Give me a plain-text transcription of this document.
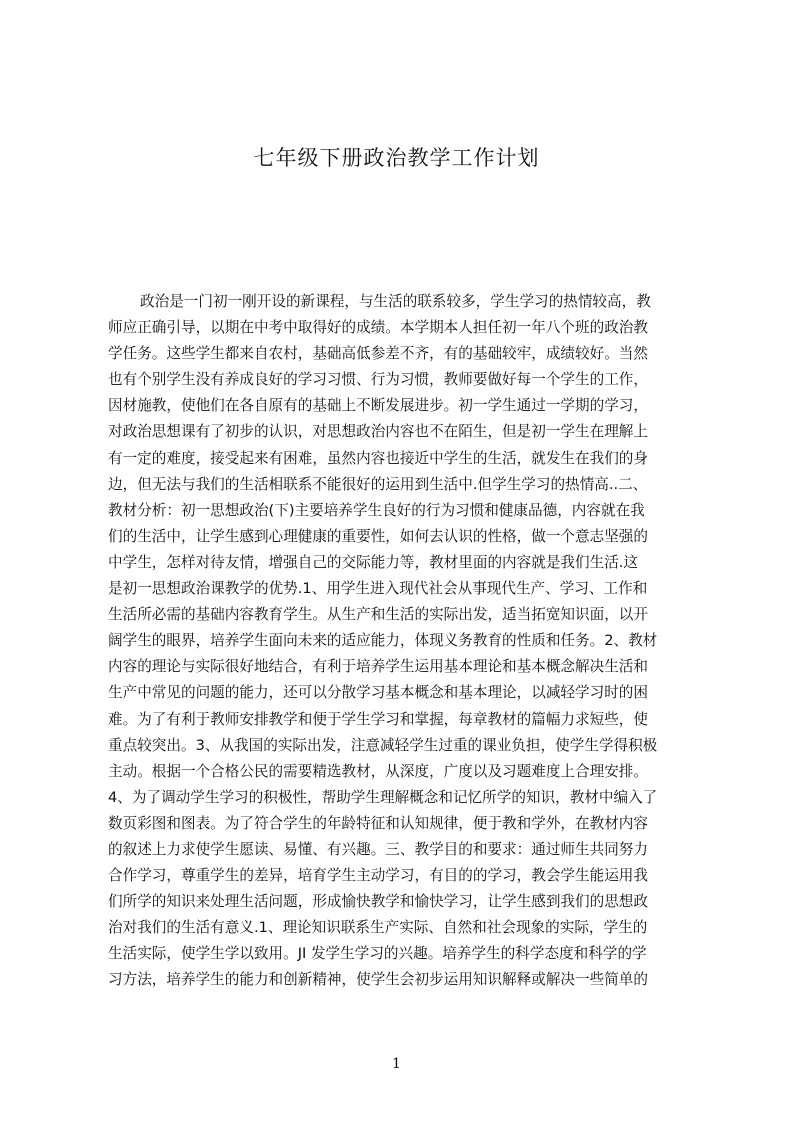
七年级下册政治教学工作计划
政治是一门初一刚开设的新课程，与生活的联系较多，学生学习的热情较高，教
师应正确引导，以期在中考中取得好的成绩。本学期本人担任初一年八个班的政治教
学任务。这些学生都来自农村，基础高低参差不齐，有的基础较牢，成绩较好。当然
也有个别学生没有养成良好的学习习惯、行为习惯，教师要做好每一个学生的工作，
因材施教，使他们在各自原有的基础上不断发展进步。初一学生通过一学期的学习，
对政治思想课有了初步的认识，对思想政治内容也不在陌生，但是初一学生在理解上
有一定的难度，接受起来有困难，虽然内容也接近中学生的生活，就发生在我们的身
边，但无法与我们的生活相联系不能很好的运用到生活中.但学生学习的热情高..二、
教材分析：初一思想政治(下)主要培养学生良好的行为习惯和健康品德，内容就在我
们的生活中，让学生感到心理健康的重要性，如何去认识的性格，做一个意志坚强的
中学生，怎样对待友情，增强自己的交际能力等，教材里面的内容就是我们生活.这
是初一思想政治课教学的优势.1、用学生进入现代社会从事现代生产、学习、工作和
生活所必需的基础内容教育学生。从生产和生活的实际出发，适当拓宽知识面，以开
阔学生的眼界，培养学生面向未来的适应能力，体现义务教育的性质和任务。2、教材
内容的理论与实际很好地结合，有利于培养学生运用基本理论和基本概念解决生活和
生产中常见的问题的能力，还可以分散学习基本概念和基本理论，以减轻学习时的困
难。为了有利于教师安排教学和便于学生学习和掌握，每章教材的篇幅力求短些，使
重点较突出。3、从我国的实际出发，注意减轻学生过重的课业负担，使学生学得积极
主动。根据一个合格公民的需要精选教材，从深度，广度以及习题难度上合理安排。
4、为了调动学生学习的积极性，帮助学生理解概念和记忆所学的知识，教材中编入了
数页彩图和图表。为了符合学生的年龄特征和认知规律，便于教和学外，在教材内容
的叙述上力求使学生愿读、易懂、有兴趣。三、教学目的和要求：通过师生共同努力
合作学习，尊重学生的差异，培育学生主动学习，有目的的学习，教会学生能运用我
们所学的知识来处理生活问题，形成愉快教学和愉快学习，让学生感到我们的思想政
治对我们的生活有意义.1、理论知识联系生产实际、自然和社会现象的实际，学生的
生活实际，使学生学以致用。JI 发学生学习的兴趣。培养学生的科学态度和科学的学
习方法，培养学生的能力和创新精神，使学生会初步运用知识解释或解决一些简单的
1
